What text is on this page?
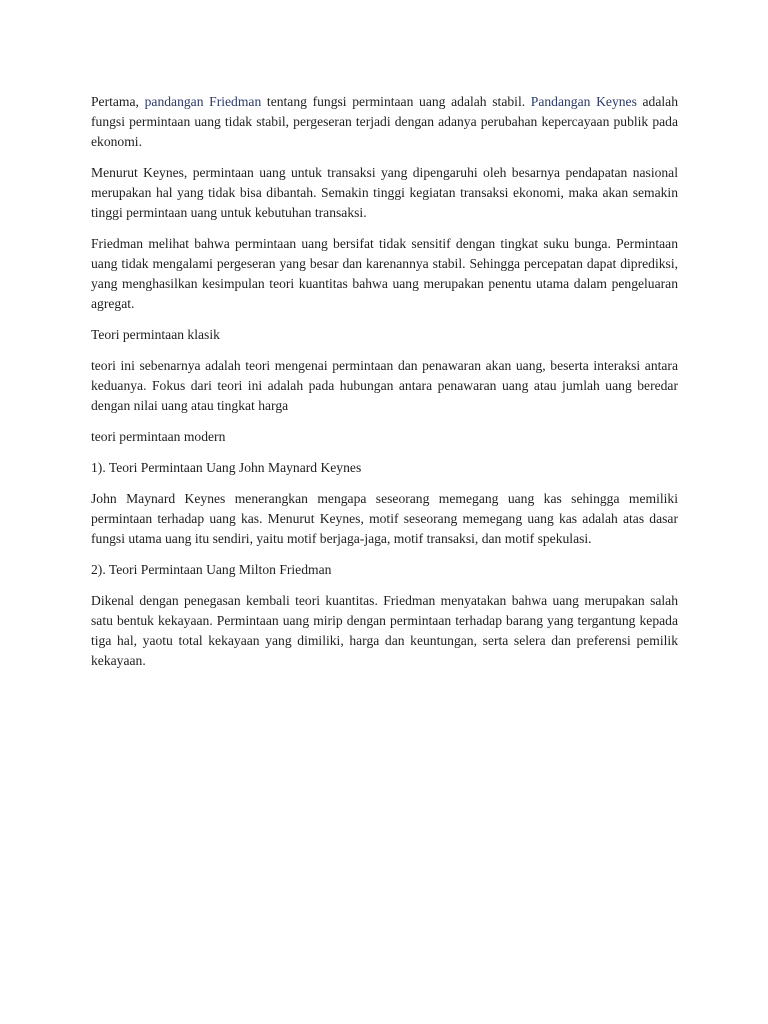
Pertama, pandangan Friedman tentang fungsi permintaan uang adalah stabil. Pandangan Keynes adalah fungsi permintaan uang tidak stabil, pergeseran terjadi dengan adanya perubahan kepercayaan publik pada ekonomi.

Menurut Keynes, permintaan uang untuk transaksi yang dipengaruhi oleh besarnya pendapatan nasional merupakan hal yang tidak bisa dibantah. Semakin tinggi kegiatan transaksi ekonomi, maka akan semakin tinggi permintaan uang untuk kebutuhan transaksi.

Friedman melihat bahwa permintaan uang bersifat tidak sensitif dengan tingkat suku bunga. Permintaan uang tidak mengalami pergeseran yang besar dan karenannya stabil. Sehingga percepatan dapat diprediksi, yang menghasilkan kesimpulan teori kuantitas bahwa uang merupakan penentu utama dalam pengeluaran agregat.

Teori permintaan klasik

teori ini sebenarnya adalah teori mengenai permintaan dan penawaran akan uang, beserta interaksi antara keduanya. Fokus dari teori ini adalah pada hubungan antara penawaran uang atau jumlah uang beredar dengan nilai uang atau tingkat harga

teori permintaan modern

1). Teori Permintaan Uang John Maynard Keynes

John Maynard Keynes menerangkan mengapa seseorang memegang uang kas sehingga memiliki permintaan terhadap uang kas. Menurut Keynes, motif seseorang memegang uang kas adalah atas dasar fungsi utama uang itu sendiri, yaitu motif berjaga-jaga, motif transaksi, dan motif spekulasi.

2). Teori Permintaan Uang Milton Friedman

Dikenal dengan penegasan kembali teori kuantitas. Friedman menyatakan bahwa uang merupakan salah satu bentuk kekayaan. Permintaan uang mirip dengan permintaan terhadap barang yang tergantung kepada tiga hal, yaotu total kekayaan yang dimiliki, harga dan keuntungan, serta selera dan preferensi pemilik kekayaan.
